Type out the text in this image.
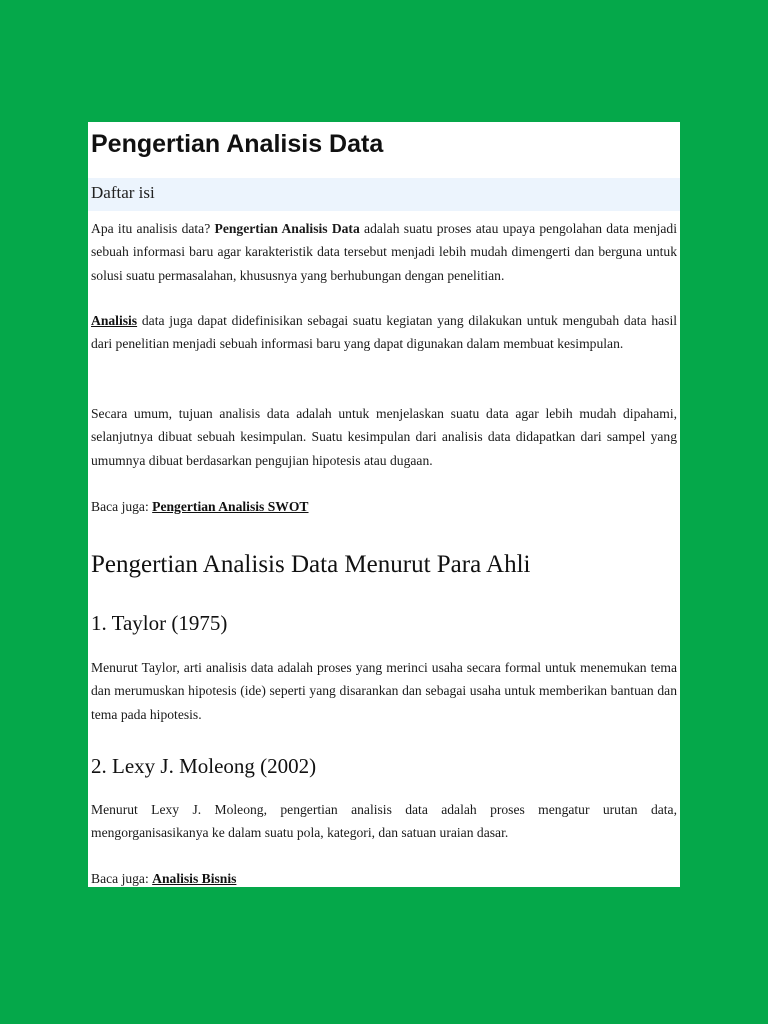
Pengertian Analisis Data
Daftar isi

Apa itu analisis data? Pengertian Analisis Data adalah suatu proses atau upaya pengolahan data menjadi sebuah informasi baru agar karakteristik data tersebut menjadi lebih mudah dimengerti dan berguna untuk solusi suatu permasalahan, khususnya yang berhubungan dengan penelitian.

Analisis data juga dapat didefinisikan sebagai suatu kegiatan yang dilakukan untuk mengubah data hasil dari penelitian menjadi sebuah informasi baru yang dapat digunakan dalam membuat kesimpulan.

Secara umum, tujuan analisis data adalah untuk menjelaskan suatu data agar lebih mudah dipahami, selanjutnya dibuat sebuah kesimpulan. Suatu kesimpulan dari analisis data didapatkan dari sampel yang umumnya dibuat berdasarkan pengujian hipotesis atau dugaan.

Baca juga: Pengertian Analisis SWOT

Pengertian Analisis Data Menurut Para Ahli
1. Taylor (1975)

Menurut Taylor, arti analisis data adalah proses yang merinci usaha secara formal untuk menemukan tema dan merumuskan hipotesis (ide) seperti yang disarankan dan sebagai usaha untuk memberikan bantuan dan tema pada hipotesis.

2. Lexy J. Moleong (2002)

Menurut Lexy J. Moleong, pengertian analisis data adalah proses mengatur urutan data, mengorganisasikanya ke dalam suatu pola, kategori, dan satuan uraian dasar.

Baca juga: Analisis Bisnis
